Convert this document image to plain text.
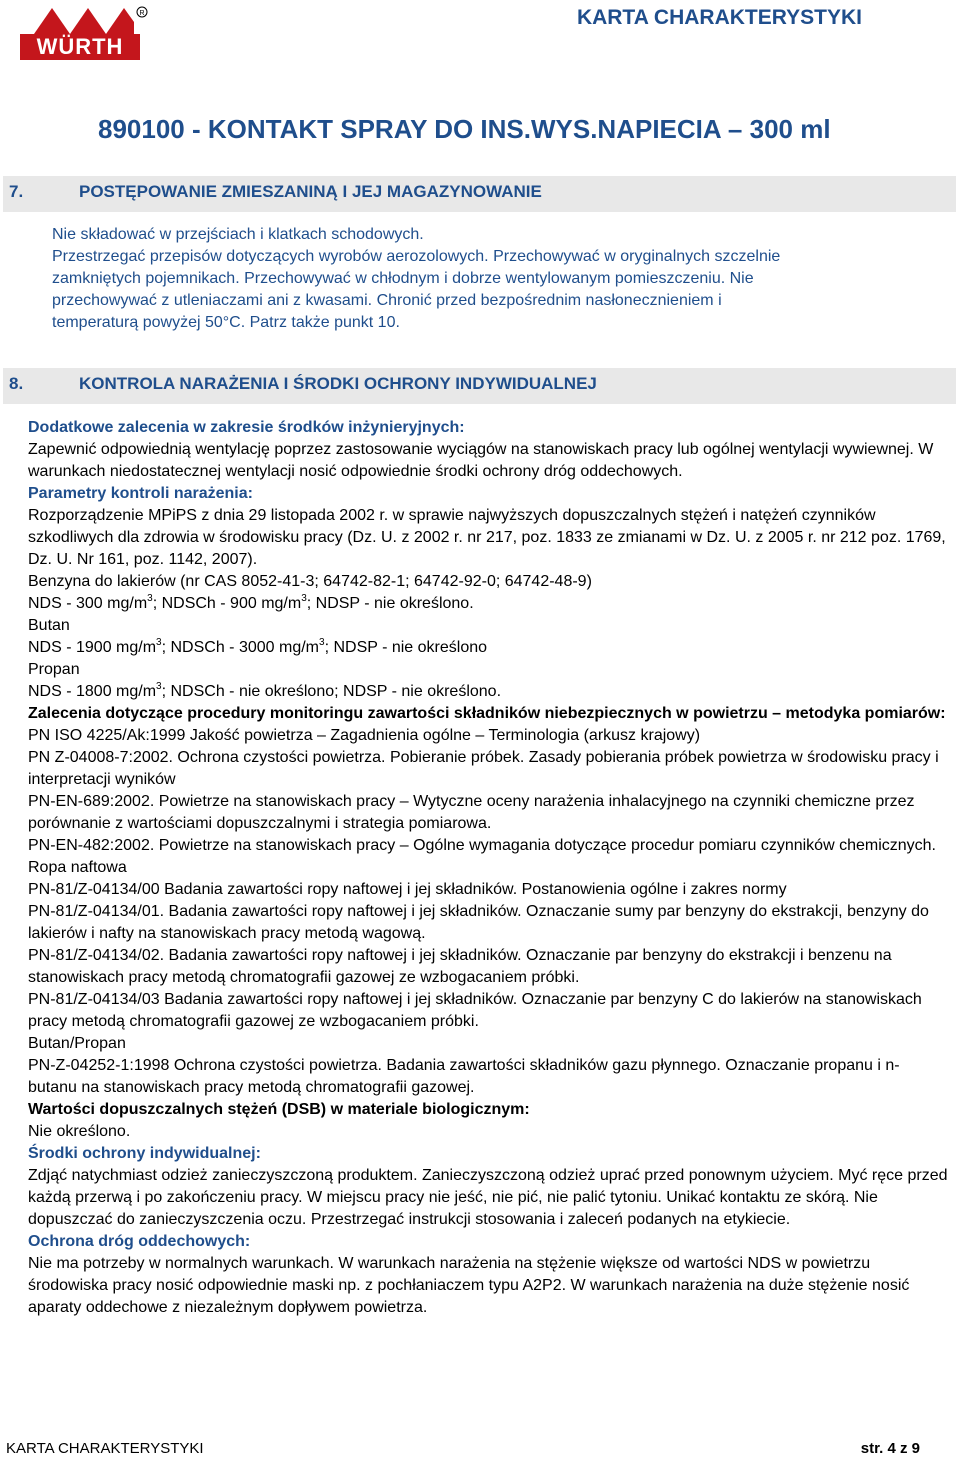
R
WÜRTH
KARTA CHARAKTERYSTYKI
890100 - KONTAKT SPRAY DO INS.WYS.NAPIECIA – 300 ml
7.	POSTĘPOWANIE ZMIESZANINĄ I JEJ MAGAZYNOWANIE

Nie składować w przejściach i klatkach schodowych.

Przestrzegać przepisów dotyczących wyrobów aerozolowych. Przechowywać w oryginalnych szczelnie

zamkniętych pojemnikach. Przechowywać w chłodnym i dobrze wentylowanym pomieszczeniu. Nie

przechowywać z utleniaczami ani z kwasami. Chronić przed bezpośrednim nasłonecznieniem i

temperaturą powyżej 50°C. Patrz także punkt 10.

8.	KONTROLA NARAŻENIA I ŚRODKI OCHRONY INDYWIDUALNEJ

Dodatkowe zalecenia w zakresie środków inżynieryjnych:

Zapewnić odpowiednią wentylację poprzez zastosowanie wyciągów na stanowiskach pracy lub ogólnej wentylacji wywiewnej. W warunkach niedostatecznej wentylacji nosić odpowiednie środki ochrony dróg oddechowych.

Parametry kontroli narażenia:

Rozporządzenie MPiPS z dnia 29 listopada 2002 r. w sprawie najwyższych dopuszczalnych stężeń i natężeń czynników szkodliwych dla zdrowia w środowisku pracy (Dz. U. z 2002 r. nr 217, poz. 1833 ze zmianami w Dz. U. z 2005 r. nr 212 poz. 1769, Dz. U. Nr 161, poz. 1142, 2007).

Benzyna do lakierów (nr CAS 8052-41-3; 64742-82-1; 64742-92-0; 64742-48-9)

NDS - 300 $mg/m^3$; NDSCh - 900 $mg/m^3$; NDSP - nie określono.

Butan

NDS - 1900 $mg/m^3$; NDSCh - 3000 $mg/m^3$; NDSP - nie określono

Propan

NDS - 1800 $mg/m^3$; NDSCh - nie określono; NDSP - nie określono.

Zalecenia dotyczące procedury monitoringu zawartości składników niebezpiecznych w powietrzu – metodyka pomiarów:

PN ISO 4225/Ak:1999 Jakość powietrza – Zagadnienia ogólne – Terminologia (arkusz krajowy)

PN Z-04008-7:2002. Ochrona czystości powietrza. Pobieranie próbek. Zasady pobierania próbek powietrza w środowisku pracy i interpretacji wyników

PN-EN-689:2002. Powietrze na stanowiskach pracy – Wytyczne oceny narażenia inhalacyjnego na czynniki chemiczne przez porównanie z wartościami dopuszczalnymi i strategia pomiarowa.

PN-EN-482:2002. Powietrze na stanowiskach pracy – Ogólne wymagania dotyczące procedur pomiaru czynników chemicznych.

Ropa naftowa

PN-81/Z-04134/00 Badania zawartości ropy naftowej i jej składników. Postanowienia ogólne i zakres normy

PN-81/Z-04134/01. Badania zawartości ropy naftowej i jej składników. Oznaczanie sumy par benzyny do ekstrakcji, benzyny do lakierów i nafty na stanowiskach pracy metodą wagową.

PN-81/Z-04134/02. Badania zawartości ropy naftowej i jej składników. Oznaczanie par benzyny do ekstrakcji i benzenu na stanowiskach pracy metodą chromatografii gazowej ze wzbogacaniem próbki.

PN-81/Z-04134/03 Badania zawartości ropy naftowej i jej składników. Oznaczanie par benzyny C do lakierów na stanowiskach pracy metodą chromatografii gazowej ze wzbogacaniem próbki.

Butan/Propan

PN-Z-04252-1:1998 Ochrona czystości powietrza. Badania zawartości składników gazu płynnego. Oznaczanie propanu i n-butanu na stanowiskach pracy metodą chromatografii gazowej.

Wartości dopuszczalnych stężeń (DSB) w materiale biologicznym:

Nie określono.

Środki ochrony indywidualnej:

Zdjąć natychmiast odzież zanieczyszczoną produktem. Zanieczyszczoną odzież uprać przed ponownym użyciem. Myć ręce przed każdą przerwą i po zakończeniu pracy. W miejscu pracy nie jeść, nie pić, nie palić tytoniu. Unikać kontaktu ze skórą. Nie dopuszczać do zanieczyszczenia oczu. Przestrzegać instrukcji stosowania i zaleceń podanych na etykiecie.

Ochrona dróg oddechowych:

Nie ma potrzeby w normalnych warunkach. W warunkach narażenia na stężenie większe od wartości NDS w powietrzu środowiska pracy nosić odpowiednie maski np. z pochłaniaczem typu A2P2. W warunkach narażenia na duże stężenie nosić aparaty oddechowe z niezależnym dopływem powietrza.

KARTA CHARAKTERYSTYKI	str. 4 z 9
